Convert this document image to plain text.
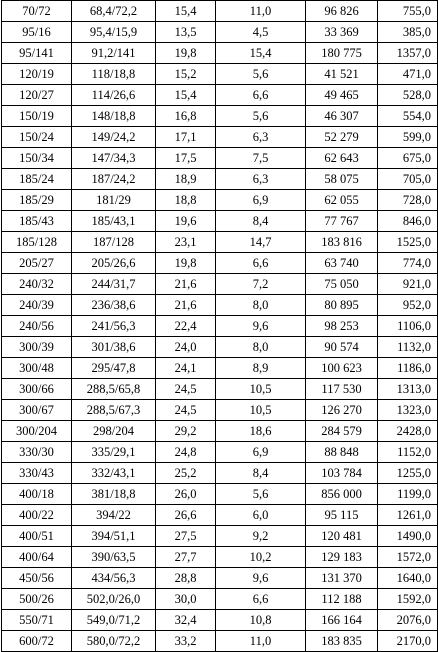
70/72	68,4/72,2	15,4	11,0	96 826	755,0
95/16	95,4/15,9	13,5	4,5	33 369	385,0
95/141	91,2/141	19,8	15,4	180 775	1357,0
120/19	118/18,8	15,2	5,6	41 521	471,0
120/27	114/26,6	15,4	6,6	49 465	528,0
150/19	148/18,8	16,8	5,6	46 307	554,0
150/24	149/24,2	17,1	6,3	52 279	599,0
150/34	147/34,3	17,5	7,5	62 643	675,0
185/24	187/24,2	18,9	6,3	58 075	705,0
185/29	181/29	18,8	6,9	62 055	728,0
185/43	185/43,1	19,6	8,4	77 767	846,0
185/128	187/128	23,1	14,7	183 816	1525,0
205/27	205/26,6	19,8	6,6	63 740	774,0
240/32	244/31,7	21,6	7,2	75 050	921,0
240/39	236/38,6	21,6	8,0	80 895	952,0
240/56	241/56,3	22,4	9,6	98 253	1106,0
300/39	301/38,6	24,0	8,0	90 574	1132,0
300/48	295/47,8	24,1	8,9	100 623	1186,0
300/66	288,5/65,8	24,5	10,5	117 530	1313,0
300/67	288,5/67,3	24,5	10,5	126 270	1323,0
300/204	298/204	29,2	18,6	284 579	2428,0
330/30	335/29,1	24,8	6,9	88 848	1152,0
330/43	332/43,1	25,2	8,4	103 784	1255,0
400/18	381/18,8	26,0	5,6	856 000	1199,0
400/22	394/22	26,6	6,0	95 115	1261,0
400/51	394/51,1	27,5	9,2	120 481	1490,0
400/64	390/63,5	27,7	10,2	129 183	1572,0
450/56	434/56,3	28,8	9,6	131 370	1640,0
500/26	502,0/26,0	30,0	6,6	112 188	1592,0
550/71	549,0/71,2	32,4	10,8	166 164	2076,0
600/72	580,0/72,2	33,2	11,0	183 835	2170,0
